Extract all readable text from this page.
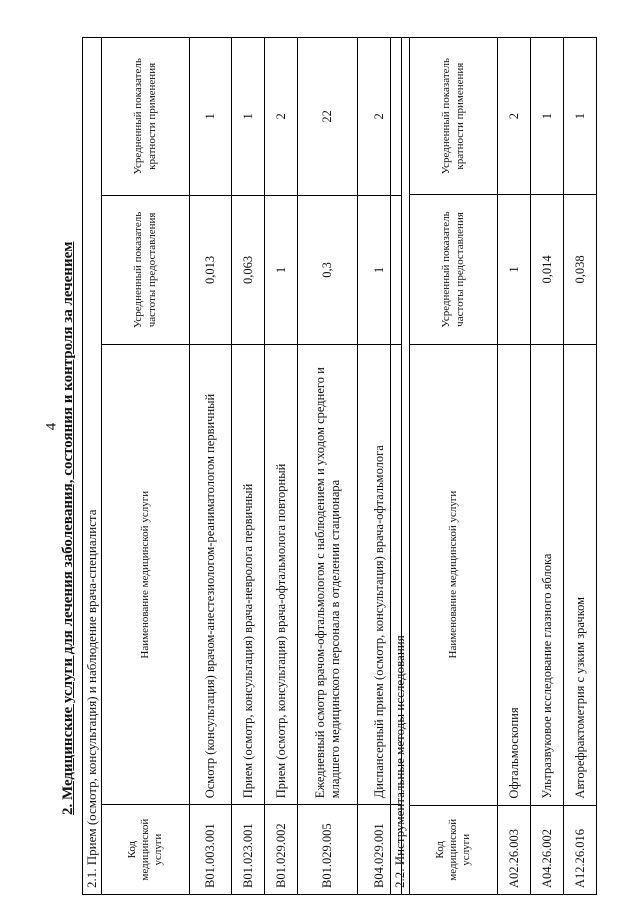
4 2. Медицинские услуги для лечения заболевания, состояния и контроля за лечением 2.1. Прием (осмотр, консультация) и наблюдение врача-специалиста			
Код медицинской услуги	Наименование медицинской услуги	Усредненный показатель частоты предоставления	Усредненный показатель кратности применения
B01.003.001	Осмотр (консультация) врачом-анестезиологом-реаниматологом первичный	0,013	1
B01.023.001	Прием (осмотр, консультация) врача-невролога первичный	0,063	1
B01.029.002	Прием (осмотр, консультация) врача-офтальмолога повторный	1	2
B01.029.005	Ежедневный осмотр врачом-офтальмологом с наблюдением и уходом среднего и младшего медицинского персонала в отделении стационара	0,3	22
B04.029.001	Диспансерный прием (осмотр, консультация) врача-офтальмолога	1	2
2.2. Инструментальные методы исследования			
Код медицинской услуги	Наименование медицинской услуги	Усредненный показатель частоты предоставления	Усредненный показатель кратности применения
A02.26.003	Офтальмоскопия	1	2
A04.26.002	Ультразвуковое исследование глазного яблока	0,014	1
A12.26.016	Авторефрактометрия с узким зрачком	0,038	1
